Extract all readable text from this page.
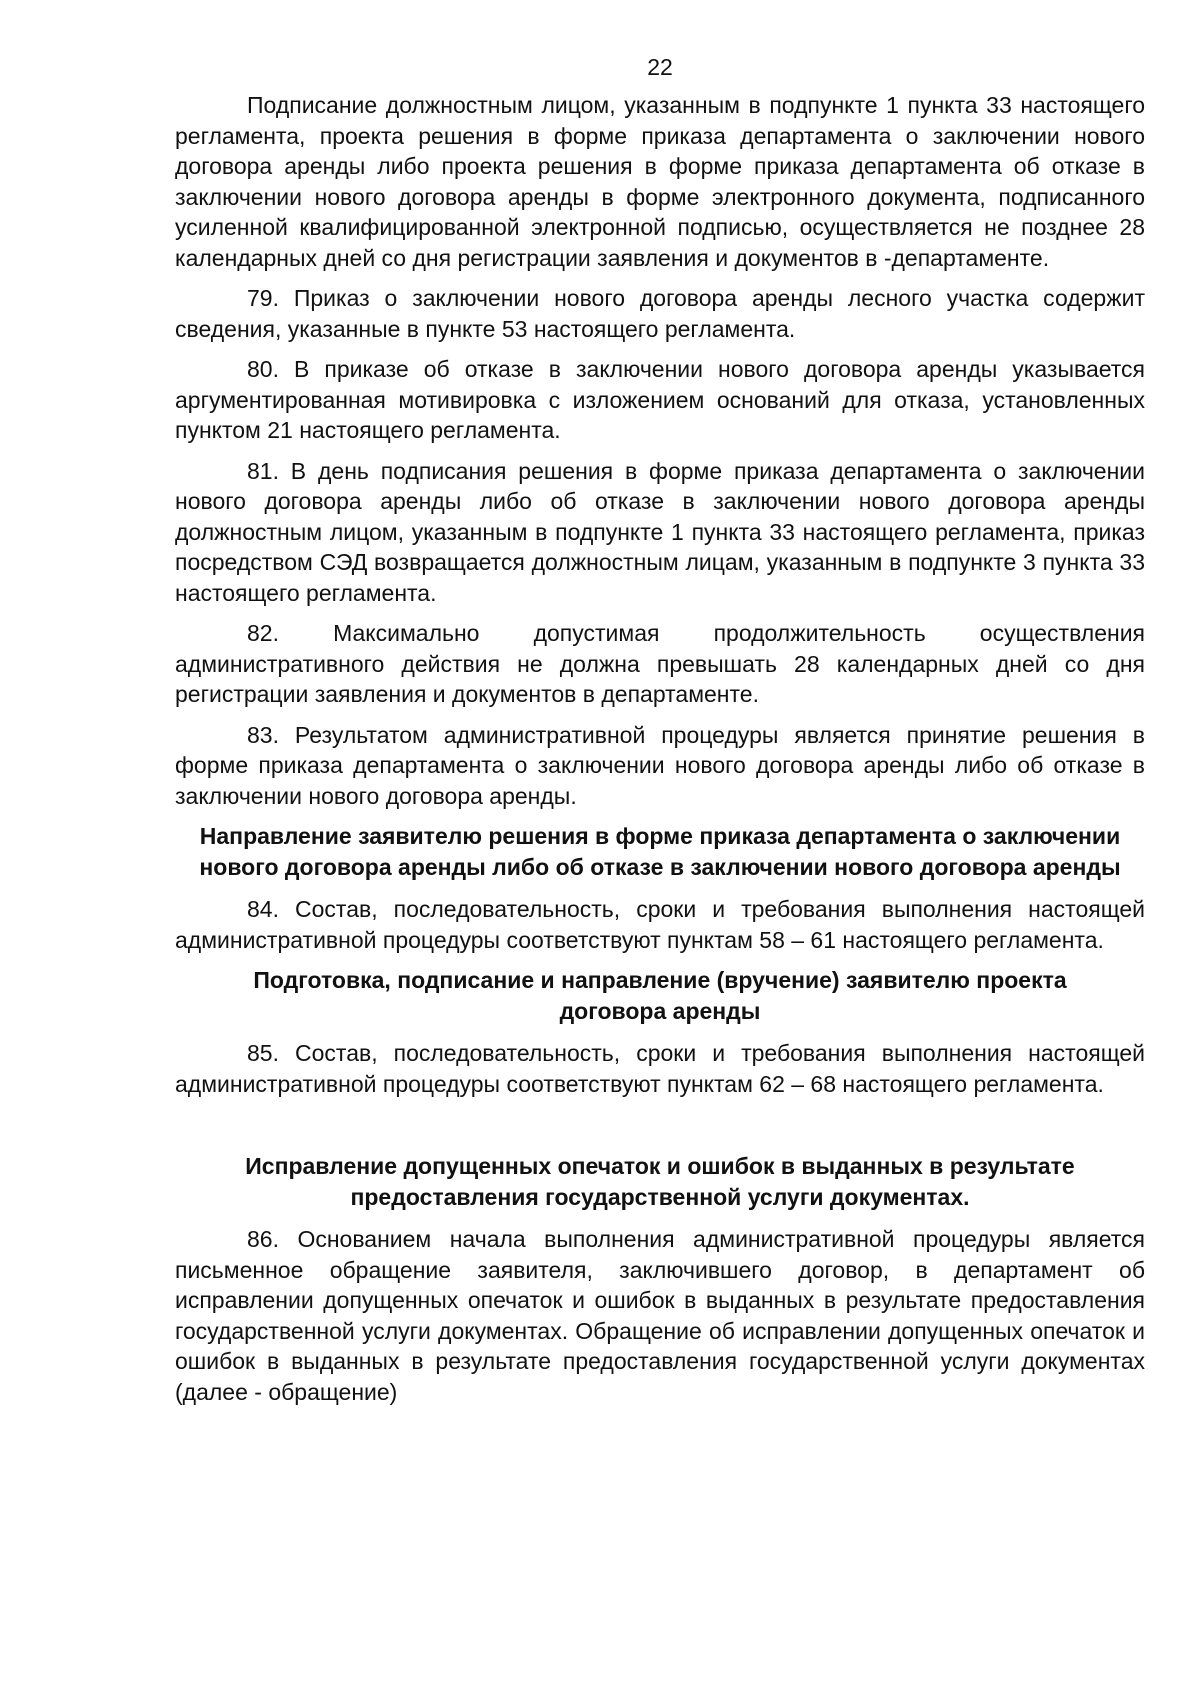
22

Подписание должностным лицом, указанным в подпункте 1 пункта 33 настоящего регламента, проекта решения в форме приказа департамента о заключении нового договора аренды либо проекта решения в форме приказа департамента об отказе в заключении нового договора аренды в форме электронного документа, подписанного усиленной квалифицированной электронной подписью, осуществляется не позднее 28 календарных дней со дня регистрации заявления и документов в -департаменте.

79. Приказ о заключении нового договора аренды лесного участка содержит сведения, указанные в пункте 53 настоящего регламента.

80. В приказе об отказе в заключении нового договора аренды указывается аргументированная мотивировка с изложением оснований для отказа, установленных пунктом 21 настоящего регламента.

81. В день подписания решения в форме приказа департамента о заключении нового договора аренды либо об отказе в заключении нового договора аренды должностным лицом, указанным в подпункте 1 пункта 33 настоящего регламента, приказ посредством СЭД возвращается должностным лицам, указанным в подпункте 3 пункта 33 настоящего регламента.

82. Максимально допустимая продолжительность осуществления административного действия не должна превышать 28 календарных дней со дня регистрации заявления и документов в департаменте.

83. Результатом административной процедуры является принятие решения в форме приказа департамента о заключении нового договора аренды либо об отказе в заключении нового договора аренды.

Направление заявителю решения в форме приказа департамента о заключении нового договора аренды либо об отказе в заключении нового договора аренды

84. Состав, последовательность, сроки и требования выполнения настоящей административной процедуры соответствуют пунктам 58 – 61 настоящего регламента.

Подготовка, подписание и направление (вручение) заявителю проекта договора аренды

85. Состав, последовательность, сроки и требования выполнения настоящей административной процедуры соответствуют пунктам 62 – 68 настоящего регламента.

Исправление допущенных опечаток и ошибок в выданных в результате предоставления государственной услуги документах.

86. Основанием начала выполнения административной процедуры является письменное обращение заявителя, заключившего договор, в департамент об исправлении допущенных опечаток и ошибок в выданных в результате предоставления государственной услуги документах. Обращение об исправлении допущенных опечаток и ошибок в выданных в результате предоставления государственной услуги документах (далее - обращение)
